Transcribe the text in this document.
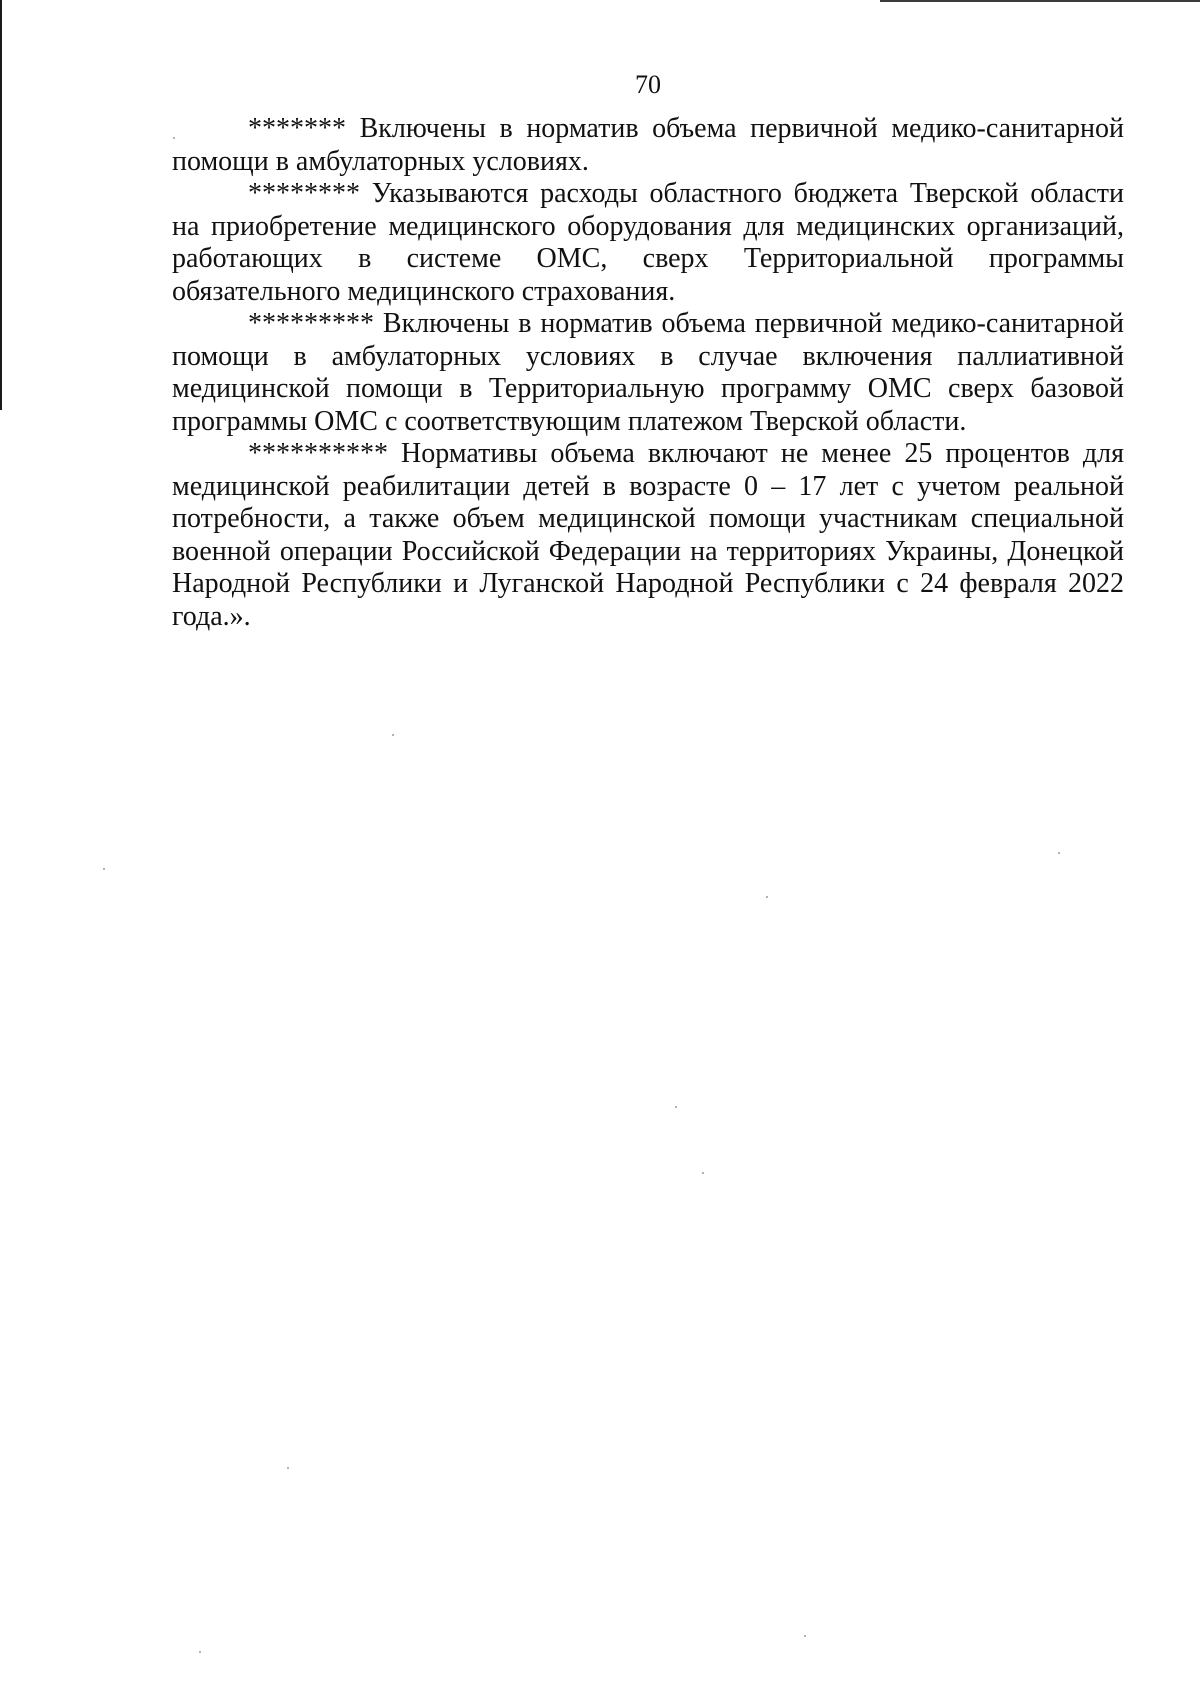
70

******* Включены в норматив объема первичной медико-санитарной помощи в амбулаторных условиях.

******** Указываются расходы областного бюджета Тверской области на приобретение медицинского оборудования для медицинских организаций, работающих в системе ОМС, сверх Территориальной программы обязательного медицинского страхования.

********* Включены в норматив объема первичной медико-санитарной помощи в амбулаторных условиях в случае включения паллиативной медицинской помощи в Территориальную программу ОМС сверх базовой программы ОМС с соответствующим платежом Тверской области.

********** Нормативы объема включают не менее 25 процентов для медицинской реабилитации детей в возрасте 0 – 17 лет с учетом реальной потребности, а также объем медицинской помощи участникам специальной военной операции Российской Федерации на территориях Украины, Донецкой Народной Республики и Луганской Народной Республики с 24 февраля 2022 года.».
